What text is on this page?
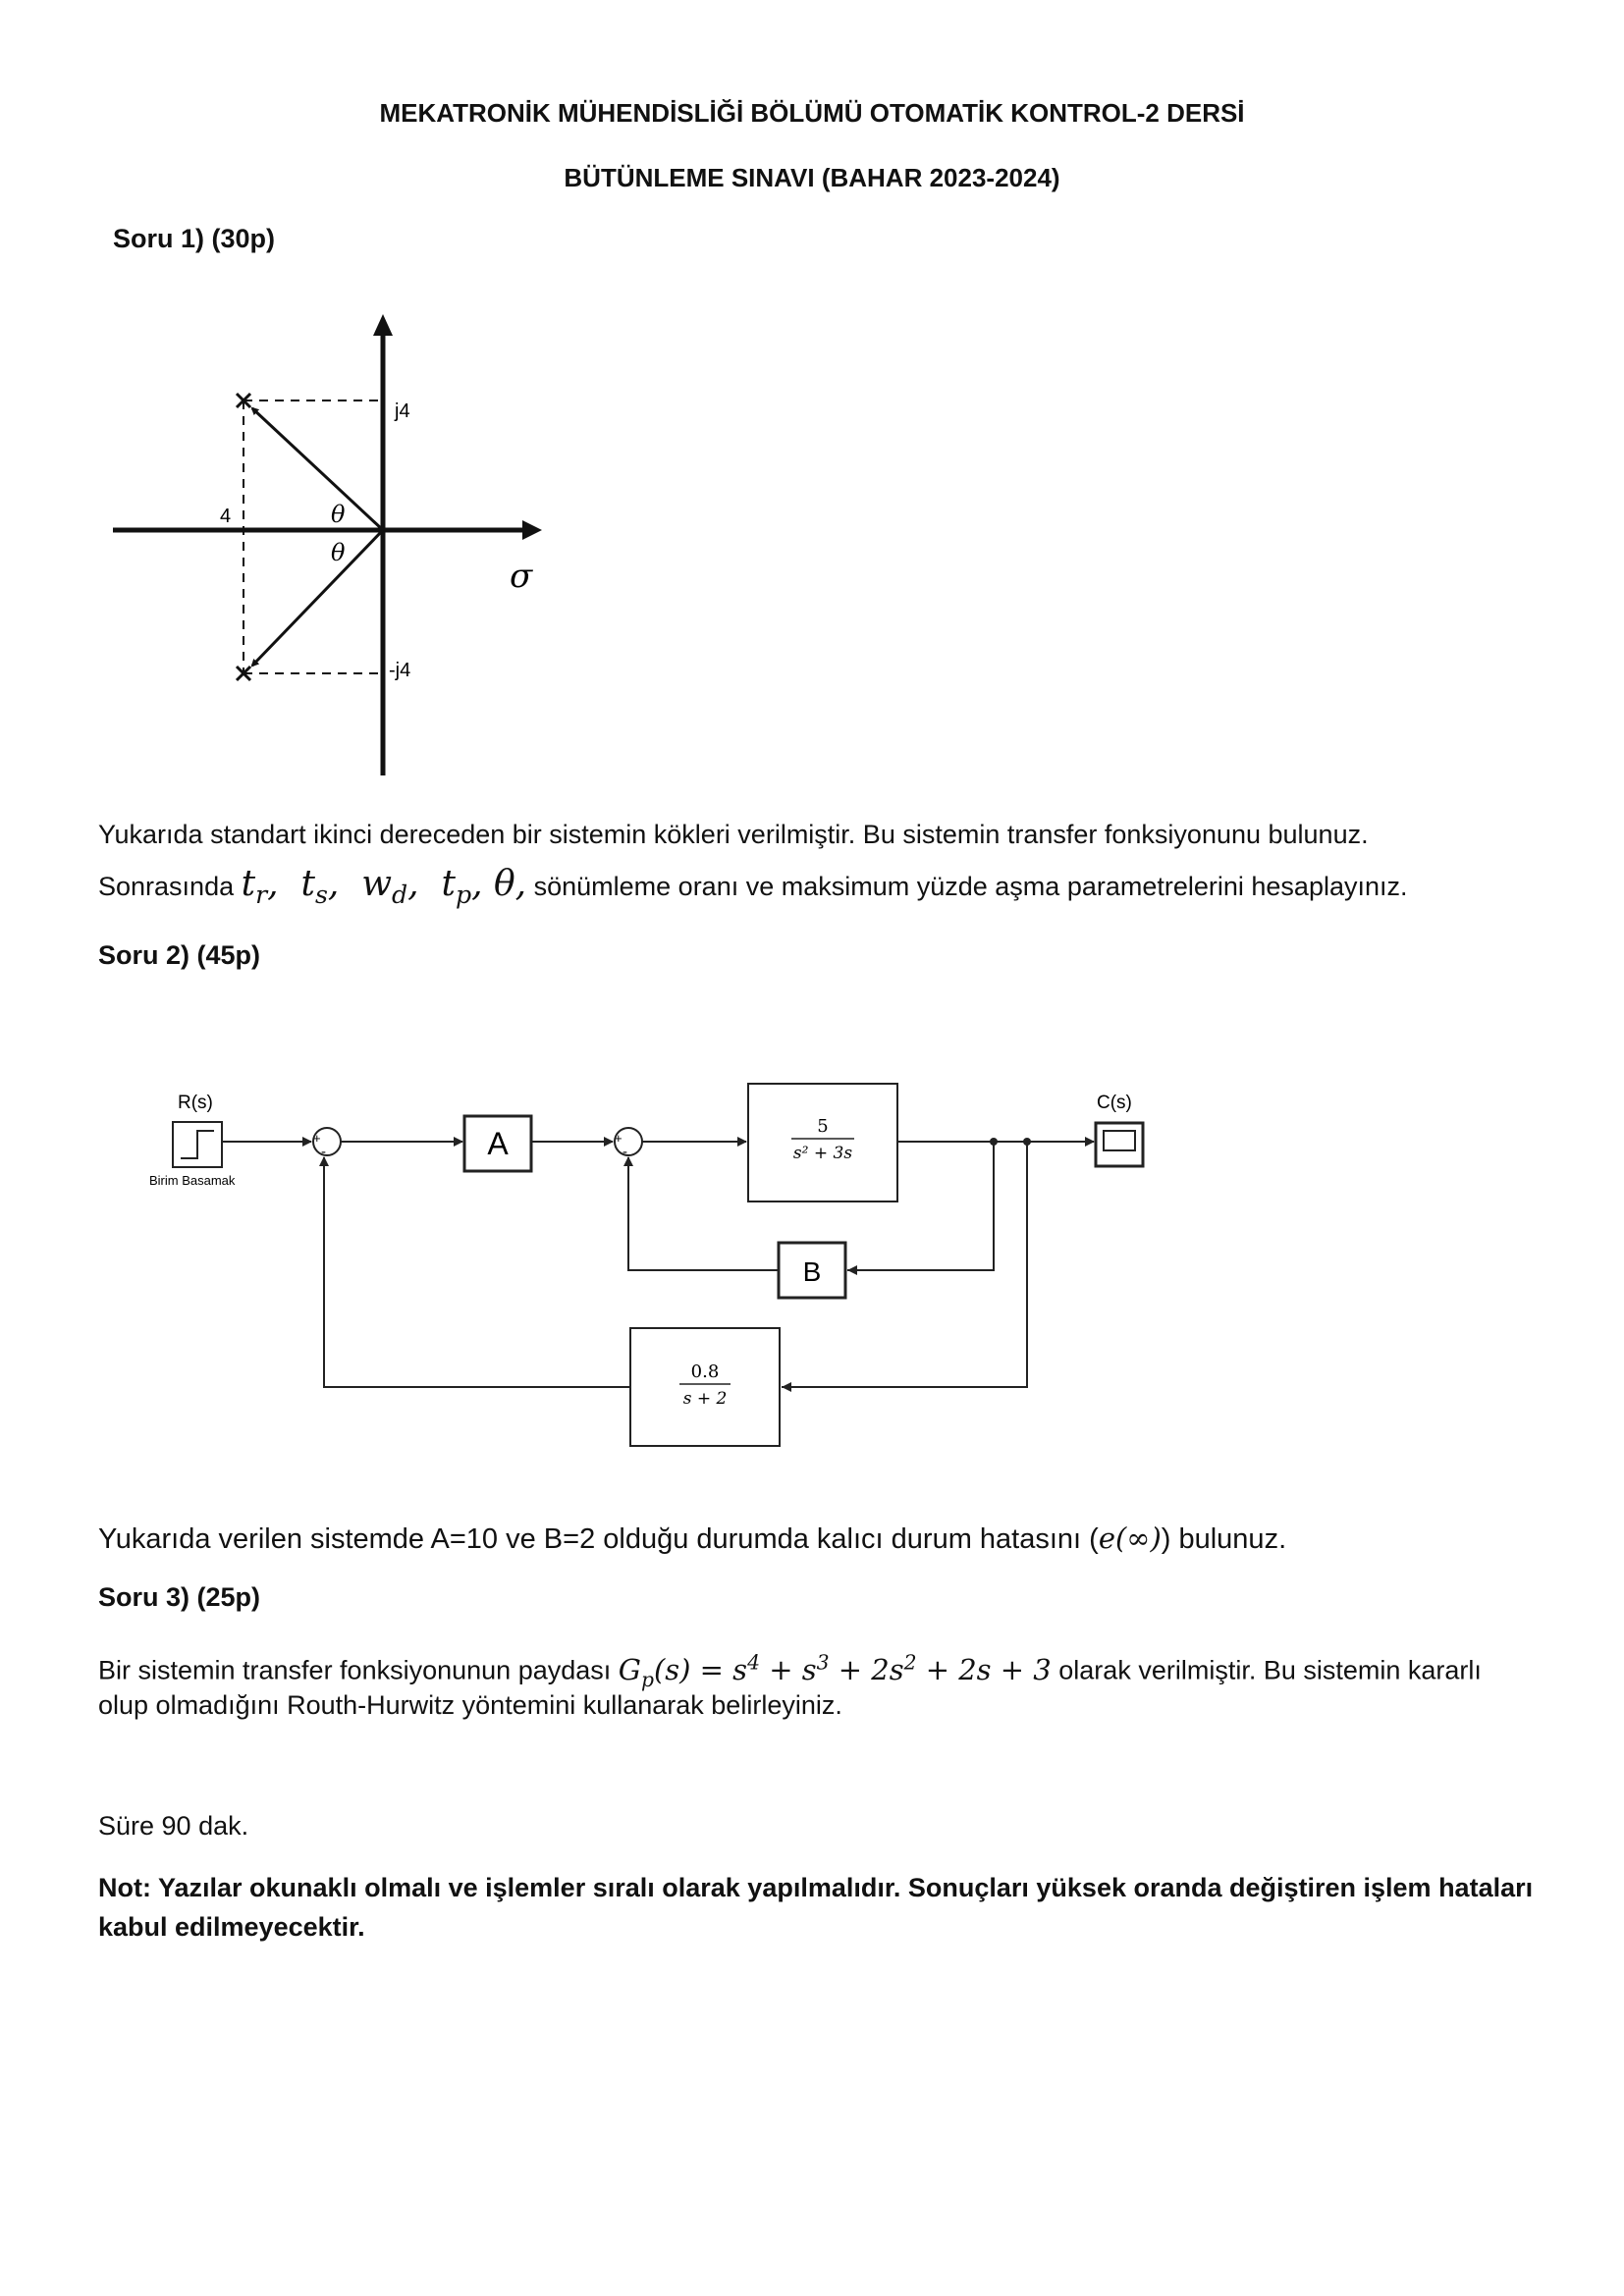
MEKATRONİK MÜHENDİSLİĞİ BÖLÜMÜ OTOMATİK KONTROL-2 DERSİ
BÜTÜNLEME SINAVI (BAHAR 2023-2024)
Soru 1) (30p)
j4
-j4
4	θ
θ
σ
Yukarıda standart ikinci dereceden bir sistemin kökleri verilmiştir. Bu sistemin transfer fonksiyonunu bulunuz.
Sonrasında $t_r$,  $t_s$,  $w_d$,  $t_p$, θ, sönümleme oranı ve maksimum yüzde aşma parametrelerini hesaplayınız.
Soru 2) (45p)
+
-
+
-
R(s)
Birim Basamak
C(s)
A
B
5
s² + 3s
0.8
s + 2
Yukarıda verilen sistemde A=10 ve B=2 olduğu durumda kalıcı durum hatasını (e(∞)) bulunuz.
Soru 3) (25p)
Bir sistemin transfer fonksiyonunun paydası $G_p(s) = s^4 + s^3 + 2s^2 + 2s + 3$ olarak verilmiştir. Bu sistemin kararlı
olup olmadığını Routh-Hurwitz yöntemini kullanarak belirleyiniz.
Süre 90 dak.
Not: Yazılar okunaklı olmalı ve işlemler sıralı olarak yapılmalıdır. Sonuçları yüksek oranda değiştiren işlem hataları
kabul edilmeyecektir.
